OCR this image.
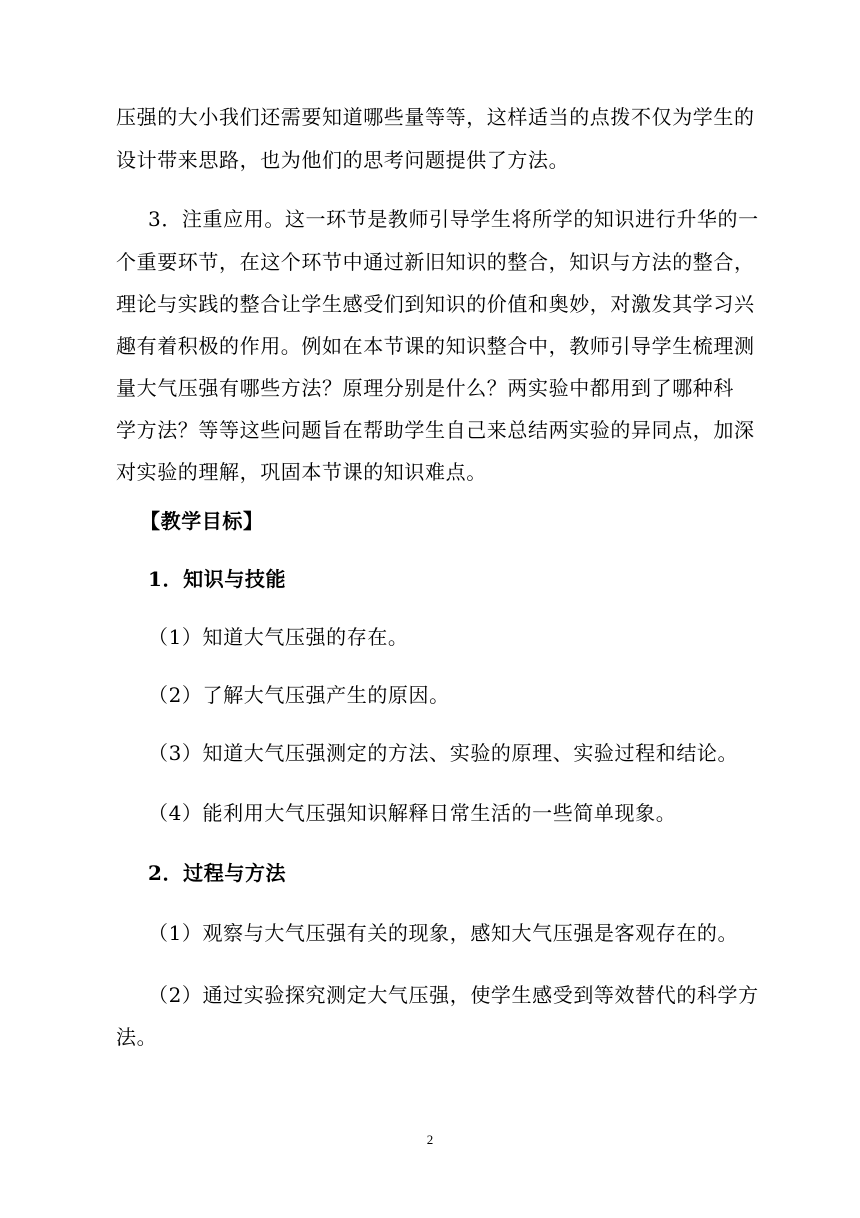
压强的大小我们还需要知道哪些量等等，这样适当的点拨不仅为学生的
设计带来思路，也为他们的思考问题提供了方法。
3．注重应用。这一环节是教师引导学生将所学的知识进行升华的一
个重要环节，在这个环节中通过新旧知识的整合，知识与方法的整合，
理论与实践的整合让学生感受们到知识的价值和奥妙，对激发其学习兴
趣有着积极的作用。例如在本节课的知识整合中，教师引导学生梳理测
量大气压强有哪些方法？原理分别是什么？两实验中都用到了哪种科
学方法？等等这些问题旨在帮助学生自己来总结两实验的异同点，加深
对实验的理解，巩固本节课的知识难点。
【教学目标】
1．知识与技能
（1）知道大气压强的存在。
（2）了解大气压强产生的原因。
（3）知道大气压强测定的方法、实验的原理、实验过程和结论。
（4）能利用大气压强知识解释日常生活的一些简单现象。
2．过程与方法
（1）观察与大气压强有关的现象，感知大气压强是客观存在的。
（2）通过实验探究测定大气压强，使学生感受到等效替代的科学方
法。
2
